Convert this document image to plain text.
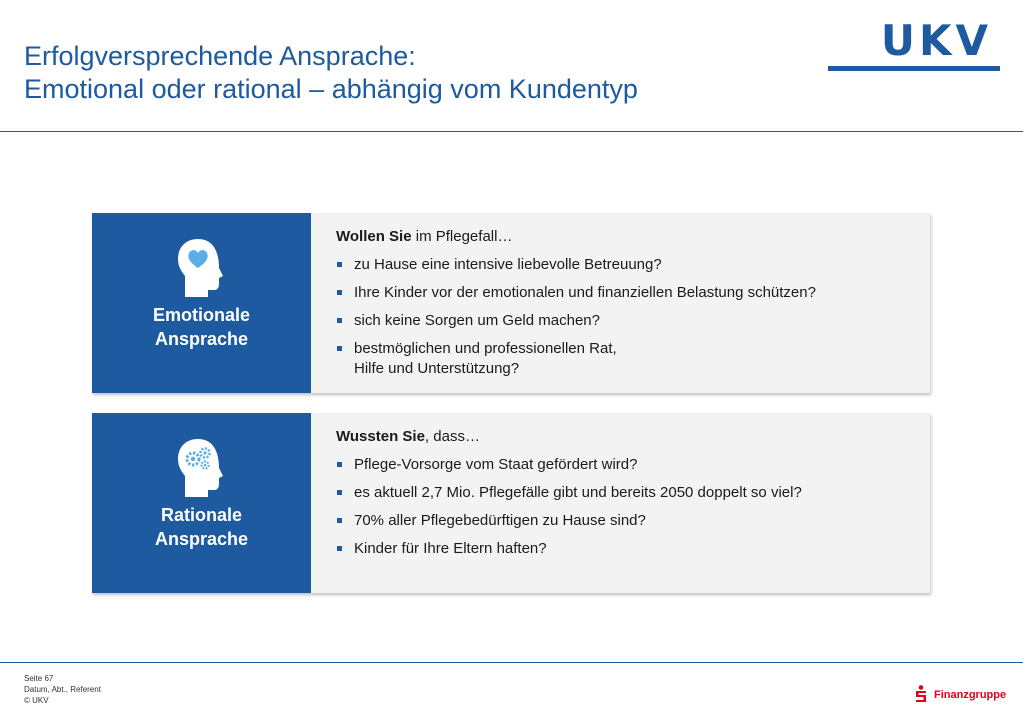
Erfolgversprechende Ansprache:
Emotional oder rational – abhängig vom Kundentyp
UKV
Emotionale
Ansprache
Wollen Sie im Pflegefall…
zu Hause eine intensive liebevolle Betreuung?
Ihre Kinder vor der emotionalen und finanziellen Belastung schützen?
sich keine Sorgen um Geld machen?
bestmöglichen und professionellen Rat,
Hilfe und Unterstützung?
Rationale
Ansprache
Wussten Sie, dass…
Pflege-Vorsorge vom Staat gefördert wird?
es aktuell 2,7 Mio. Pflegefälle gibt und bereits 2050 doppelt so viel?
70% aller Pflegebedürftigen zu Hause sind?
Kinder für Ihre Eltern haften?
Seite 67
Datum, Abt., Referent
© UKV	Finanzgruppe
